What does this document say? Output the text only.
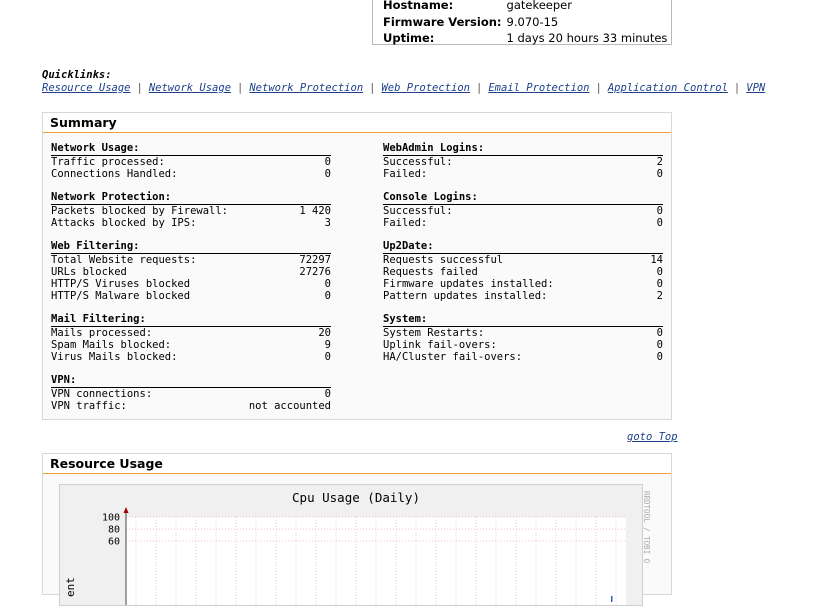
Hostname:	gatekeeper
Firmware Version:	9.070-15
Uptime:	1 days 20 hours 33 minutes
Quicklinks:
Resource Usage | Network Usage | Network Protection | Web Protection | Email Protection | Application Control | VPN
Summary
Network Usage:
Traffic processed:	0
Connections Handled:	0
Network Protection:
Packets blocked by Firewall:	1 420
Attacks blocked by IPS:	3
Web Filtering:
Total Website requests:	72297
URLs blocked	27276
HTTP/S Viruses blocked	0
HTTP/S Malware blocked	0
Mail Filtering:
Mails processed:	20
Spam Mails blocked:	9
Virus Mails blocked:	0
VPN:
VPN connections:	0
VPN traffic:	not accounted
WebAdmin Logins:
Successful:	2
Failed:	0
Console Logins:
Successful:	0
Failed:	0
Up2Date:
Requests successful	14
Requests failed	0
Firmware updates installed:	0
Pattern updates installed:	2
System:
System Restarts:	0
Uplink fail-overs:	0
HA/Cluster fail-overs:	0
goto Top
Resource Usage
100
80
60
Cpu Usage (Daily)
ent
RRDTOOL / TOBI O
